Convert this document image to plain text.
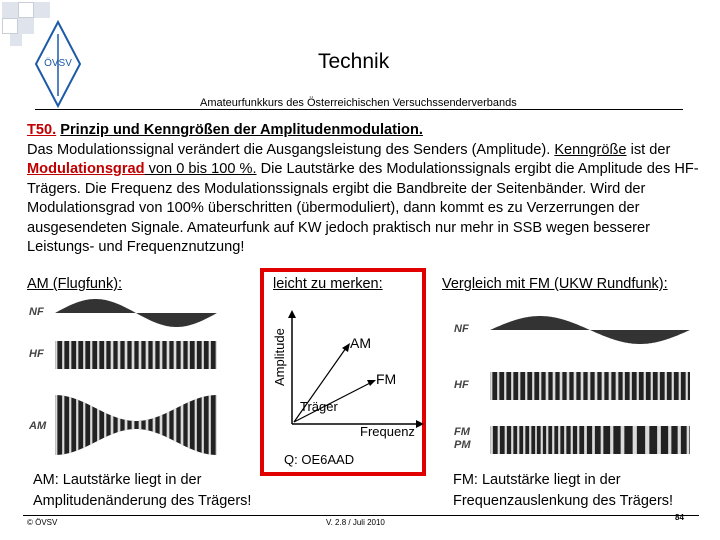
ÖVSV	Technik
Amateurfunkkurs des Österreichischen Versuchssenderverbands
T50. Prinzip und Kenngrößen der Amplitudenmodulation.
Das Modulationssignal verändert die Ausgangsleistung des Senders (Amplitude). Kenngröße ist der Modulationsgrad von 0 bis 100 %. Die Lautstärke des Modulationssignals ergibt die Amplitude des HF-Trägers. Die Frequenz des Modulationssignals ergibt die Bandbreite der Seitenbänder. Wird der Modulationsgrad von 100% überschritten (übermoduliert), dann kommt es zu Verzerrungen der ausgesendeten Signale. Amateurfunk auf KW jedoch praktisch nur mehr in SSB wegen besserer Leistungs- und Frequenznutzung!
AM (Flugfunk):	leicht zu merken:	Vergleich mit FM (UKW Rundfunk):
NF
HF
AM
Amplitude
Frequenz
AM
FM
Träger
Q: OE6AAD
NF
HF
FM
PM
AM: Lautstärke liegt in der Amplitudenänderung des Trägers!
FM: Lautstärke liegt in der Frequenzauslenkung des Trägers!
© ÖVSV	V. 2.8 / Juli 2010
84
